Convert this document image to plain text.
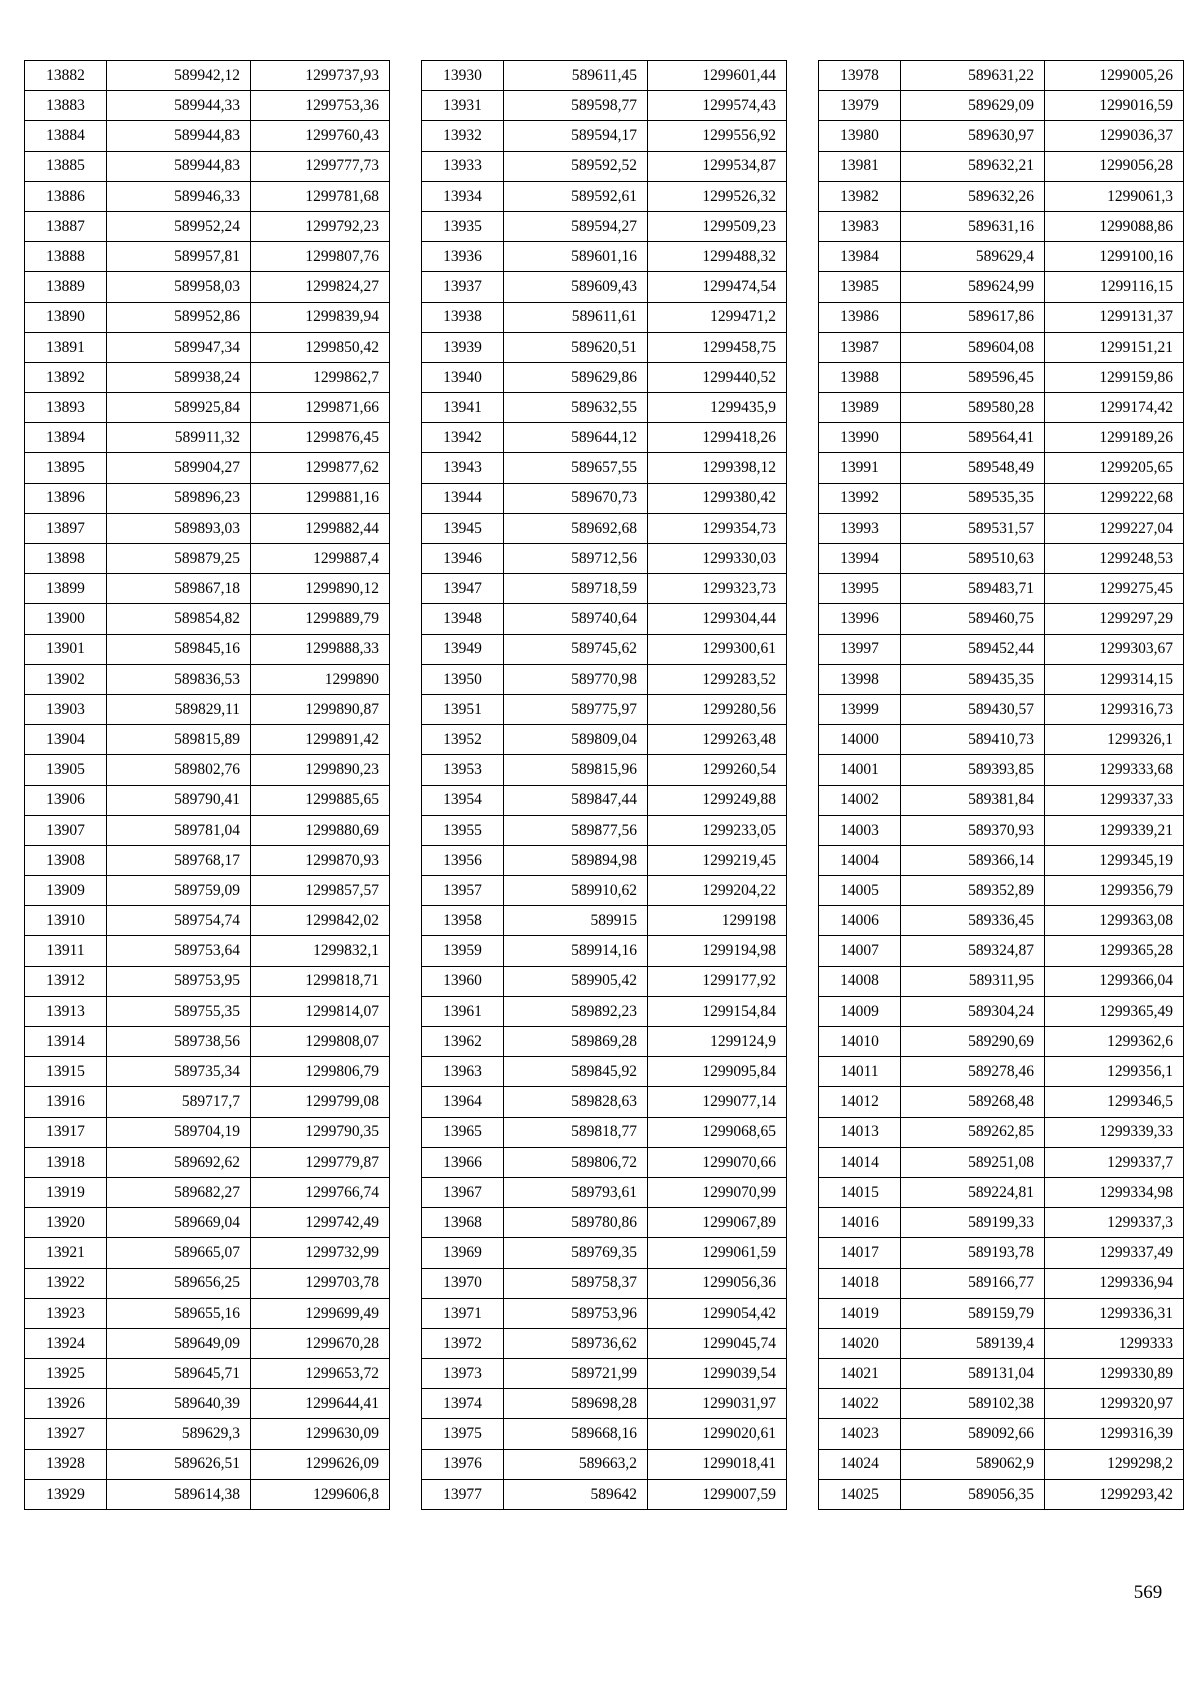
13882	589942,12	1299737,93
13883	589944,33	1299753,36
13884	589944,83	1299760,43
13885	589944,83	1299777,73
13886	589946,33	1299781,68
13887	589952,24	1299792,23
13888	589957,81	1299807,76
13889	589958,03	1299824,27
13890	589952,86	1299839,94
13891	589947,34	1299850,42
13892	589938,24	1299862,7
13893	589925,84	1299871,66
13894	589911,32	1299876,45
13895	589904,27	1299877,62
13896	589896,23	1299881,16
13897	589893,03	1299882,44
13898	589879,25	1299887,4
13899	589867,18	1299890,12
13900	589854,82	1299889,79
13901	589845,16	1299888,33
13902	589836,53	1299890
13903	589829,11	1299890,87
13904	589815,89	1299891,42
13905	589802,76	1299890,23
13906	589790,41	1299885,65
13907	589781,04	1299880,69
13908	589768,17	1299870,93
13909	589759,09	1299857,57
13910	589754,74	1299842,02
13911	589753,64	1299832,1
13912	589753,95	1299818,71
13913	589755,35	1299814,07
13914	589738,56	1299808,07
13915	589735,34	1299806,79
13916	589717,7	1299799,08
13917	589704,19	1299790,35
13918	589692,62	1299779,87
13919	589682,27	1299766,74
13920	589669,04	1299742,49
13921	589665,07	1299732,99
13922	589656,25	1299703,78
13923	589655,16	1299699,49
13924	589649,09	1299670,28
13925	589645,71	1299653,72
13926	589640,39	1299644,41
13927	589629,3	1299630,09
13928	589626,51	1299626,09
13929	589614,38	1299606,8
13930	589611,45	1299601,44
13931	589598,77	1299574,43
13932	589594,17	1299556,92
13933	589592,52	1299534,87
13934	589592,61	1299526,32
13935	589594,27	1299509,23
13936	589601,16	1299488,32
13937	589609,43	1299474,54
13938	589611,61	1299471,2
13939	589620,51	1299458,75
13940	589629,86	1299440,52
13941	589632,55	1299435,9
13942	589644,12	1299418,26
13943	589657,55	1299398,12
13944	589670,73	1299380,42
13945	589692,68	1299354,73
13946	589712,56	1299330,03
13947	589718,59	1299323,73
13948	589740,64	1299304,44
13949	589745,62	1299300,61
13950	589770,98	1299283,52
13951	589775,97	1299280,56
13952	589809,04	1299263,48
13953	589815,96	1299260,54
13954	589847,44	1299249,88
13955	589877,56	1299233,05
13956	589894,98	1299219,45
13957	589910,62	1299204,22
13958	589915	1299198
13959	589914,16	1299194,98
13960	589905,42	1299177,92
13961	589892,23	1299154,84
13962	589869,28	1299124,9
13963	589845,92	1299095,84
13964	589828,63	1299077,14
13965	589818,77	1299068,65
13966	589806,72	1299070,66
13967	589793,61	1299070,99
13968	589780,86	1299067,89
13969	589769,35	1299061,59
13970	589758,37	1299056,36
13971	589753,96	1299054,42
13972	589736,62	1299045,74
13973	589721,99	1299039,54
13974	589698,28	1299031,97
13975	589668,16	1299020,61
13976	589663,2	1299018,41
13977	589642	1299007,59
13978	589631,22	1299005,26
13979	589629,09	1299016,59
13980	589630,97	1299036,37
13981	589632,21	1299056,28
13982	589632,26	1299061,3
13983	589631,16	1299088,86
13984	589629,4	1299100,16
13985	589624,99	1299116,15
13986	589617,86	1299131,37
13987	589604,08	1299151,21
13988	589596,45	1299159,86
13989	589580,28	1299174,42
13990	589564,41	1299189,26
13991	589548,49	1299205,65
13992	589535,35	1299222,68
13993	589531,57	1299227,04
13994	589510,63	1299248,53
13995	589483,71	1299275,45
13996	589460,75	1299297,29
13997	589452,44	1299303,67
13998	589435,35	1299314,15
13999	589430,57	1299316,73
14000	589410,73	1299326,1
14001	589393,85	1299333,68
14002	589381,84	1299337,33
14003	589370,93	1299339,21
14004	589366,14	1299345,19
14005	589352,89	1299356,79
14006	589336,45	1299363,08
14007	589324,87	1299365,28
14008	589311,95	1299366,04
14009	589304,24	1299365,49
14010	589290,69	1299362,6
14011	589278,46	1299356,1
14012	589268,48	1299346,5
14013	589262,85	1299339,33
14014	589251,08	1299337,7
14015	589224,81	1299334,98
14016	589199,33	1299337,3
14017	589193,78	1299337,49
14018	589166,77	1299336,94
14019	589159,79	1299336,31
14020	589139,4	1299333
14021	589131,04	1299330,89
14022	589102,38	1299320,97
14023	589092,66	1299316,39
14024	589062,9	1299298,2
14025	589056,35	1299293,42
569
